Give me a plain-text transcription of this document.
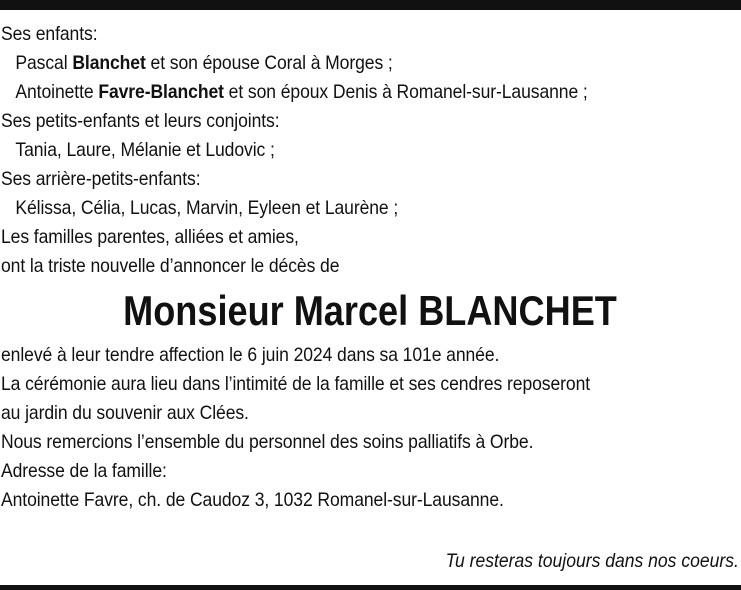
Ses enfants:
Pascal Blanchet et son épouse Coral à Morges ;
Antoinette Favre-Blanchet et son époux Denis à Romanel-sur-Lausanne ;
Ses petits-enfants et leurs conjoints:
Tania, Laure, Mélanie et Ludovic ;
Ses arrière-petits-enfants:
Kélissa, Célia, Lucas, Marvin, Eyleen et Laurène ;
Les familles parentes, alliées et amies,
ont la triste nouvelle d’annoncer le décès de
Monsieur Marcel BLANCHET
enlevé à leur tendre affection le 6 juin 2024 dans sa 101e année.
La cérémonie aura lieu dans l’intimité de la famille et ses cendres reposeront
au jardin du souvenir aux Clées.
Nous remercions l’ensemble du personnel des soins palliatifs à Orbe.
Adresse de la famille:
Antoinette Favre, ch. de Caudoz 3, 1032 Romanel-sur-Lausanne.
Tu resteras toujours dans nos coeurs.
